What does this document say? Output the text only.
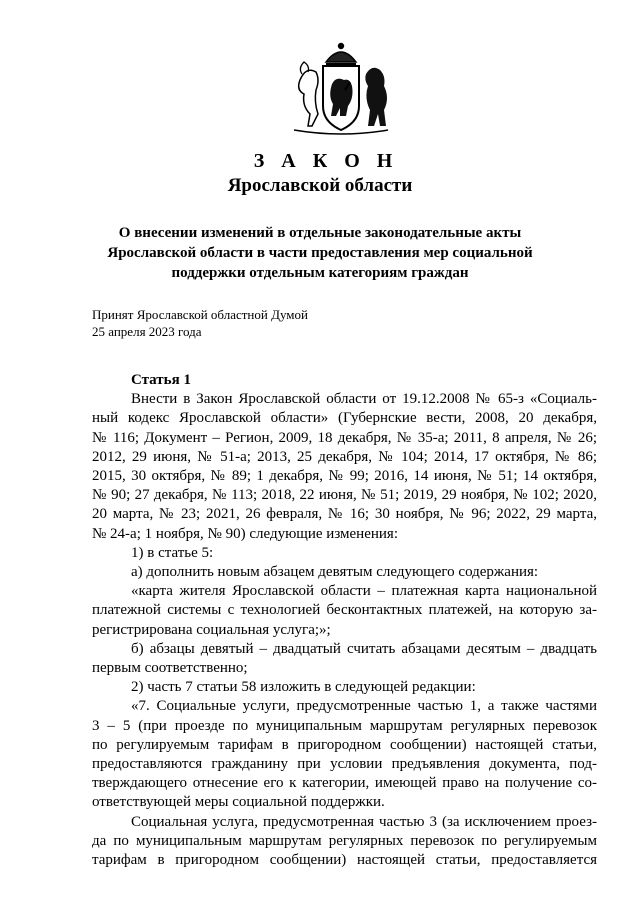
З А К О Н
Ярославской области
О внесении изменений в отдельные законодательные акты
Ярославской области в части предоставления мер социальной
поддержки отдельным категориям граждан
Принят Ярославской областной Думой
25 апреля 2023 года
Статья 1
Внести в Закон Ярославской области от 19.12.2008 № 65-з «Социаль-
ный кодекс Ярославской области» (Губернские вести, 2008, 20 декабря,
№ 116; Документ – Регион, 2009, 18 декабря, № 35-а; 2011, 8 апреля, № 26;
2012, 29 июня, № 51-а; 2013, 25 декабря, № 104; 2014, 17 октября, № 86;
2015, 30 октября, № 89; 1 декабря, № 99; 2016, 14 июня, № 51; 14 октября,
№ 90; 27 декабря, № 113; 2018, 22 июня, № 51; 2019, 29 ноября, № 102; 2020,
20 марта, № 23; 2021, 26 февраля, № 16; 30 ноября, № 96; 2022, 29 марта,
№ 24-а; 1 ноября, № 90) следующие изменения:
1) в статье 5:
а) дополнить новым абзацем девятым следующего содержания:
«карта жителя Ярославской области – платежная карта национальной
платежной системы с технологией бесконтактных платежей, на которую за-
регистрирована социальная услуга;»;
б) абзацы девятый – двадцатый считать абзацами десятым – двадцать
первым соответственно;
2) часть 7 статьи 58 изложить в следующей редакции:
«7. Социальные услуги, предусмотренные частью 1, а также частями
3 – 5 (при проезде по муниципальным маршрутам регулярных перевозок
по регулируемым тарифам в пригородном сообщении) настоящей статьи,
предоставляются гражданину при условии предъявления документа, под-
тверждающего отнесение его к категории, имеющей право на получение со-
ответствующей меры социальной поддержки.
Социальная услуга, предусмотренная частью 3 (за исключением проез-
да по муниципальным маршрутам регулярных перевозок по регулируемым
тарифам в пригородном сообщении) настоящей статьи, предоставляется
